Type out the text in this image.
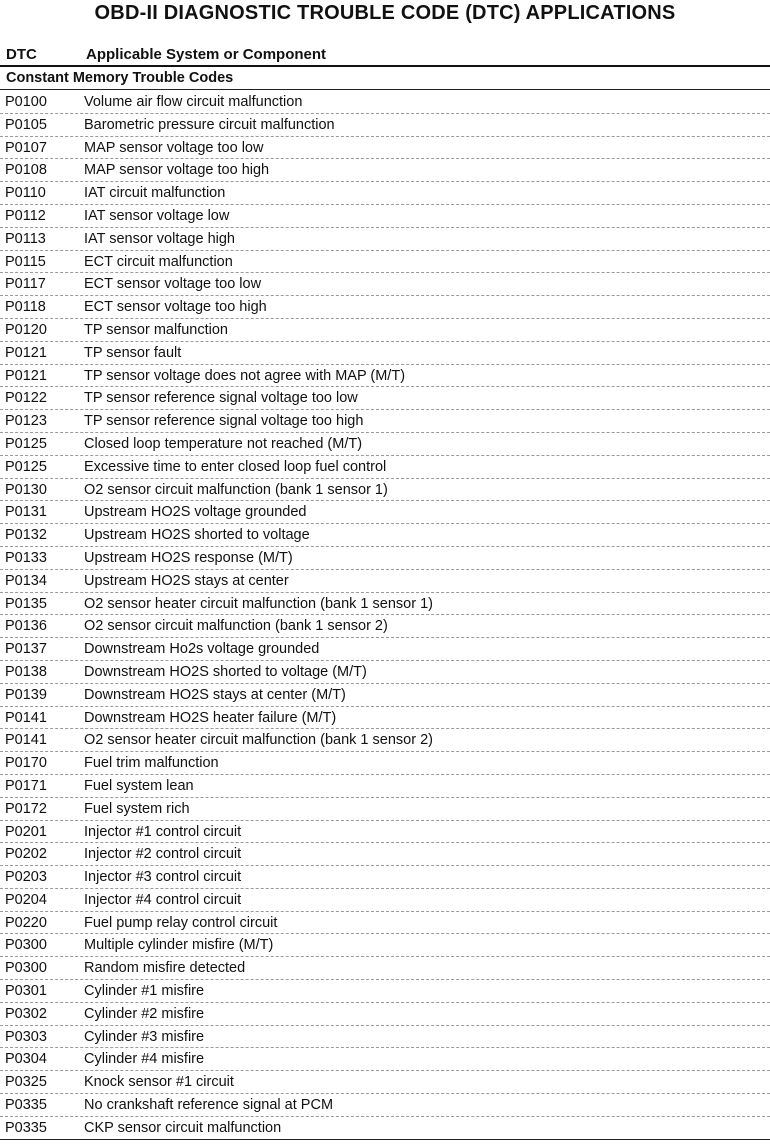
OBD-II DIAGNOSTIC TROUBLE CODE (DTC) APPLICATIONS
DTC	Applicable System or Component
Constant Memory Trouble Codes
P0100	Volume air flow circuit malfunction
P0105	Barometric pressure circuit malfunction
P0107	MAP sensor voltage too low
P0108	MAP sensor voltage too high
P0110	IAT circuit malfunction
P0112	IAT sensor voltage low
P0113	IAT sensor voltage high
P0115	ECT circuit malfunction
P0117	ECT sensor voltage too low
P0118	ECT sensor voltage too high
P0120	TP sensor malfunction
P0121	TP sensor fault
P0121	TP sensor voltage does not agree with MAP (M/T)
P0122	TP sensor reference signal voltage too low
P0123	TP sensor reference signal voltage too high
P0125	Closed loop temperature not reached (M/T)
P0125	Excessive time to enter closed loop fuel control
P0130	O2 sensor circuit malfunction (bank 1 sensor 1)
P0131	Upstream HO2S voltage grounded
P0132	Upstream HO2S shorted to voltage
P0133	Upstream HO2S response (M/T)
P0134	Upstream HO2S stays at center
P0135	O2 sensor heater circuit malfunction (bank 1 sensor 1)
P0136	O2 sensor circuit malfunction (bank 1 sensor 2)
P0137	Downstream Ho2s voltage grounded
P0138	Downstream HO2S shorted to voltage (M/T)
P0139	Downstream HO2S stays at center (M/T)
P0141	Downstream HO2S heater failure (M/T)
P0141	O2 sensor heater circuit malfunction (bank 1 sensor 2)
P0170	Fuel trim malfunction
P0171	Fuel system lean
P0172	Fuel system rich
P0201	Injector #1 control circuit
P0202	Injector #2 control circuit
P0203	Injector #3 control circuit
P0204	Injector #4 control circuit
P0220	Fuel pump relay control circuit
P0300	Multiple cylinder misfire (M/T)
P0300	Random misfire detected
P0301	Cylinder #1 misfire
P0302	Cylinder #2 misfire
P0303	Cylinder #3 misfire
P0304	Cylinder #4 misfire
P0325	Knock sensor #1 circuit
P0335	No crankshaft reference signal at PCM
P0335	CKP sensor circuit malfunction
